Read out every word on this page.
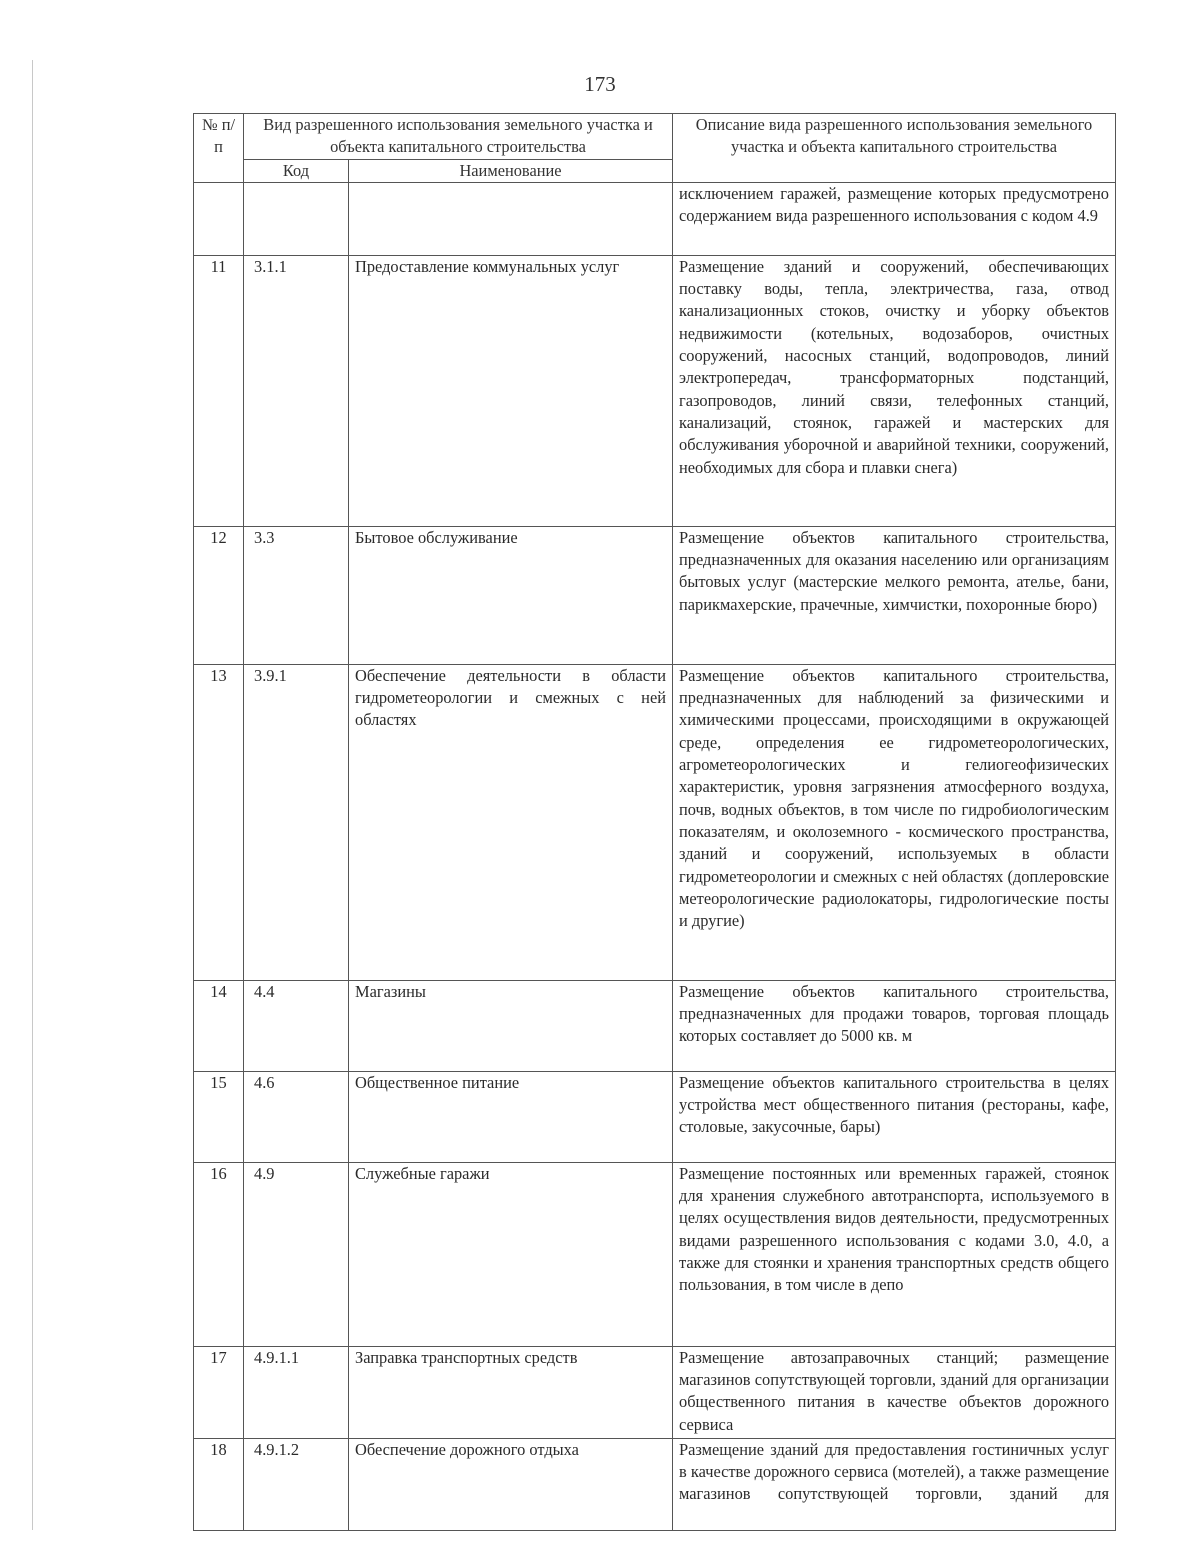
173
№ п/п	Вид разрешенного использования земельного участка и объекта капитального строительства		Описание вида разрешенного использования земельного участка и объекта капитального строительства
	Код	Наименование	
			исключением гаражей, размещение которых предусмотрено содержанием вида разрешенного использования с кодом 4.9
11	3.1.1	Предоставление коммунальных услуг	Размещение зданий и сооружений, обеспечивающих поставку воды, тепла, электричества, газа, отвод канализационных стоков, очистку и уборку объектов недвижимости (котельных, водозаборов, очистных сооружений, насосных станций, водопроводов, линий электропередач, трансформаторных подстанций, газопроводов, линий связи, телефонных станций, канализаций, стоянок, гаражей и мастерских для обслуживания уборочной и аварийной техники, сооружений, необходимых для сбора и плавки снега)
12	3.3	Бытовое обслуживание	Размещение объектов капитального строительства, предназначенных для оказания населению или организациям бытовых услуг (мастерские мелкого ремонта, ателье, бани, парикмахерские, прачечные, химчистки, похоронные бюро)
13	3.9.1	Обеспечение деятельности в области гидрометеорологии и смежных с ней областях	Размещение объектов капитального строительства, предназначенных для наблюдений за физическими и химическими процессами, происходящими в окружающей среде, определения ее гидрометеорологических, агрометеорологических и гелиогеофизических характеристик, уровня загрязнения атмосферного воздуха, почв, водных объектов, в том числе по гидробиологическим показателям, и околоземного - космического пространства, зданий и сооружений, используемых в области гидрометеорологии и смежных с ней областях (доплеровские метеорологические радиолокаторы, гидрологические посты и другие)
14	4.4	Магазины	Размещение объектов капитального строительства, предназначенных для продажи товаров, торговая площадь которых составляет до 5000 кв. м
15	4.6	Общественное питание	Размещение объектов капитального строительства в целях устройства мест общественного питания (рестораны, кафе, столовые, закусочные, бары)
16	4.9	Служебные гаражи	Размещение постоянных или временных гаражей, стоянок для хранения служебного автотранспорта, используемого в целях осуществления видов деятельности, предусмотренных видами разрешенного использования с кодами 3.0, 4.0, а также для стоянки и хранения транспортных средств общего пользования, в том числе в депо
17	4.9.1.1	Заправка транспортных средств	Размещение автозаправочных станций; размещение магазинов сопутствующей торговли, зданий для организации общественного питания в качестве объектов дорожного сервиса
18	4.9.1.2	Обеспечение дорожного отдыха	Размещение зданий для предоставления гостиничных услуг в качестве дорожного сервиса (мотелей), а также размещение магазинов сопутствующей торговли, зданий для
